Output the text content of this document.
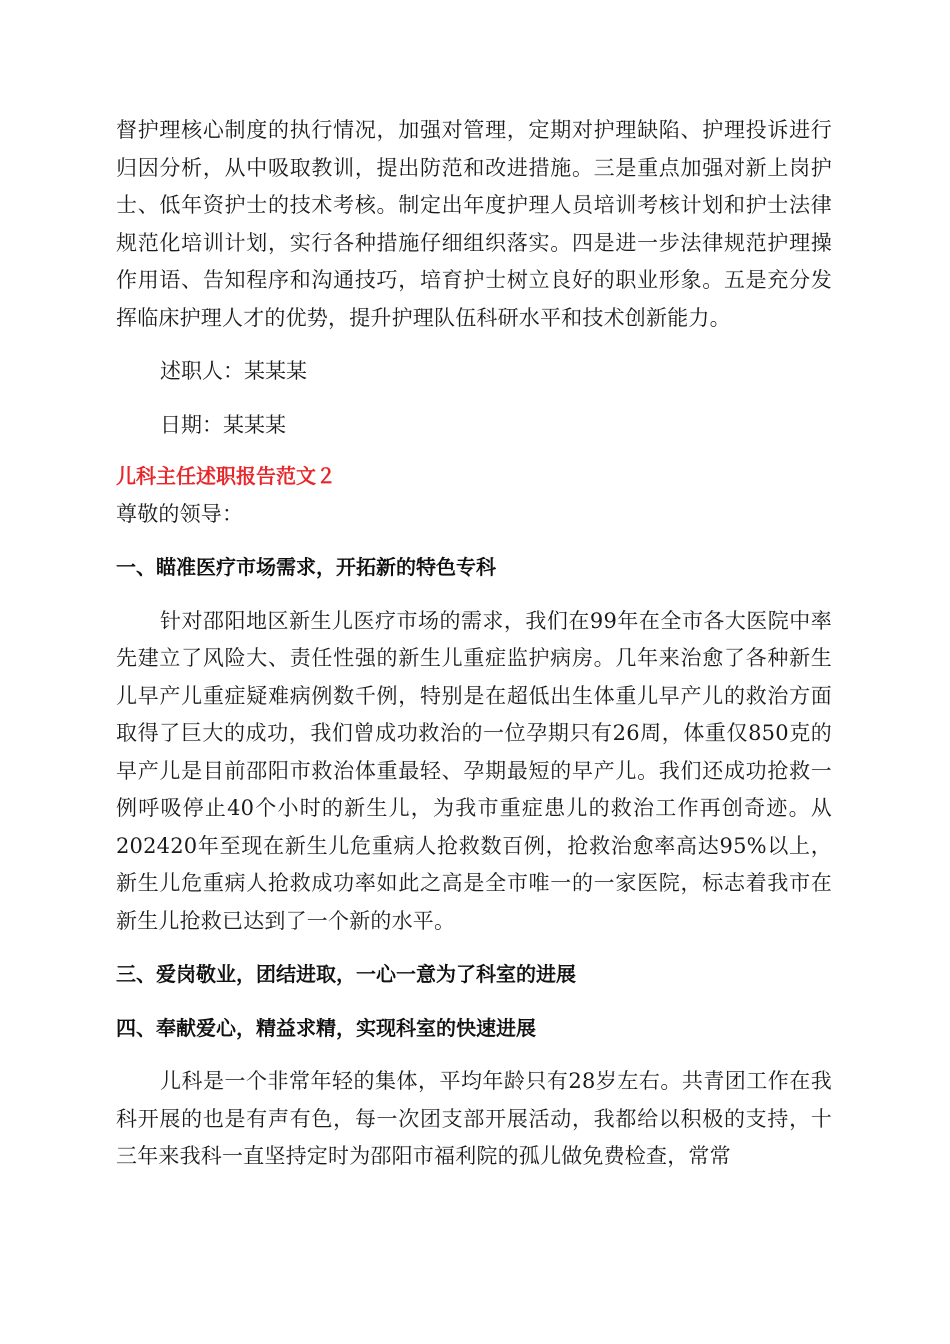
督护理核心制度的执行情况，加强对管理，定期对护理缺陷、护理投诉进行归因分析，从中吸取教训，提出防范和改进措施。三是重点加强对新上岗护士、低年资护士的技术考核。制定出年度护理人员培训考核计划和护士法律规范化培训计划，实行各种措施仔细组织落实。四是进一步法律规范护理操作用语、告知程序和沟通技巧，培育护士树立良好的职业形象。五是充分发挥临床护理人才的优势，提升护理队伍科研水平和技术创新能力。

述职人：某某某

日期：某某某

儿科主任述职报告范文２

尊敬的领导：

一、瞄准医疗市场需求，开拓新的特色专科

针对邵阳地区新生儿医疗市场的需求，我们在99年在全市各大医院中率先建立了风险大、责任性强的新生儿重症监护病房。几年来治愈了各种新生儿早产儿重症疑难病例数千例，特别是在超低出生体重儿早产儿的救治方面取得了巨大的成功，我们曾成功救治的一位孕期只有26周，体重仅850克的早产儿是目前邵阳市救治体重最轻、孕期最短的早产儿。我们还成功抢救一例呼吸停止40个小时的新生儿，为我市重症患儿的救治工作再创奇迹。从202420年至现在新生儿危重病人抢救数百例，抢救治愈率高达95%以上，新生儿危重病人抢救成功率如此之高是全市唯一的一家医院，标志着我市在新生儿抢救已达到了一个新的水平。

三、爱岗敬业，团结进取，一心一意为了科室的进展

四、奉献爱心，精益求精，实现科室的快速进展

儿科是一个非常年轻的集体，平均年龄只有28岁左右。共青团工作在我科开展的也是有声有色，每一次团支部开展活动，我都给以积极的支持，十三年来我科一直坚持定时为邵阳市福利院的孤儿做免费检查，常常
